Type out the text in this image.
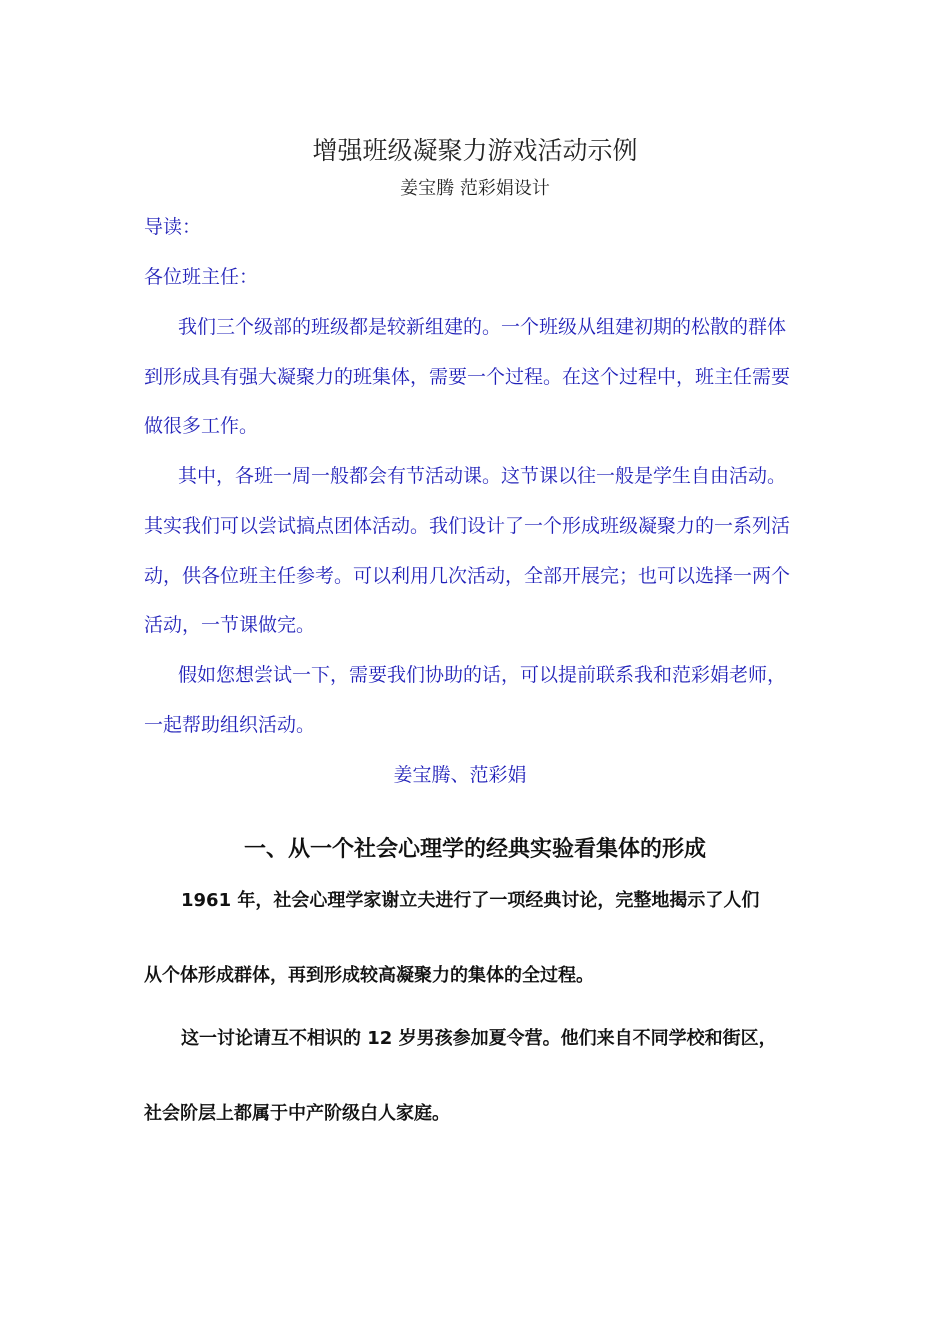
增强班级凝聚力游戏活动示例

姜宝腾 范彩娟设计

导读：

各位班主任：

我们三个级部的班级都是较新组建的。一个班级从组建初期的松散的群体

到形成具有强大凝聚力的班集体，需要一个过程。在这个过程中，班主任需要

做很多工作。

其中，各班一周一般都会有节活动课。这节课以往一般是学生自由活动。

其实我们可以尝试搞点团体活动。我们设计了一个形成班级凝聚力的一系列活

动，供各位班主任参考。可以利用几次活动，全部开展完；也可以选择一两个

活动，一节课做完。

假如您想尝试一下，需要我们协助的话，可以提前联系我和范彩娟老师，

一起帮助组织活动。

姜宝腾、范彩娟

一、从一个社会心理学的经典实验看集体的形成

1961 年，社会心理学家谢立夫进行了一项经典讨论，完整地揭示了人们

从个体形成群体，再到形成较高凝聚力的集体的全过程。

这一讨论请互不相识的 12 岁男孩参加夏令营。他们来自不同学校和街区，

社会阶层上都属于中产阶级白人家庭。
